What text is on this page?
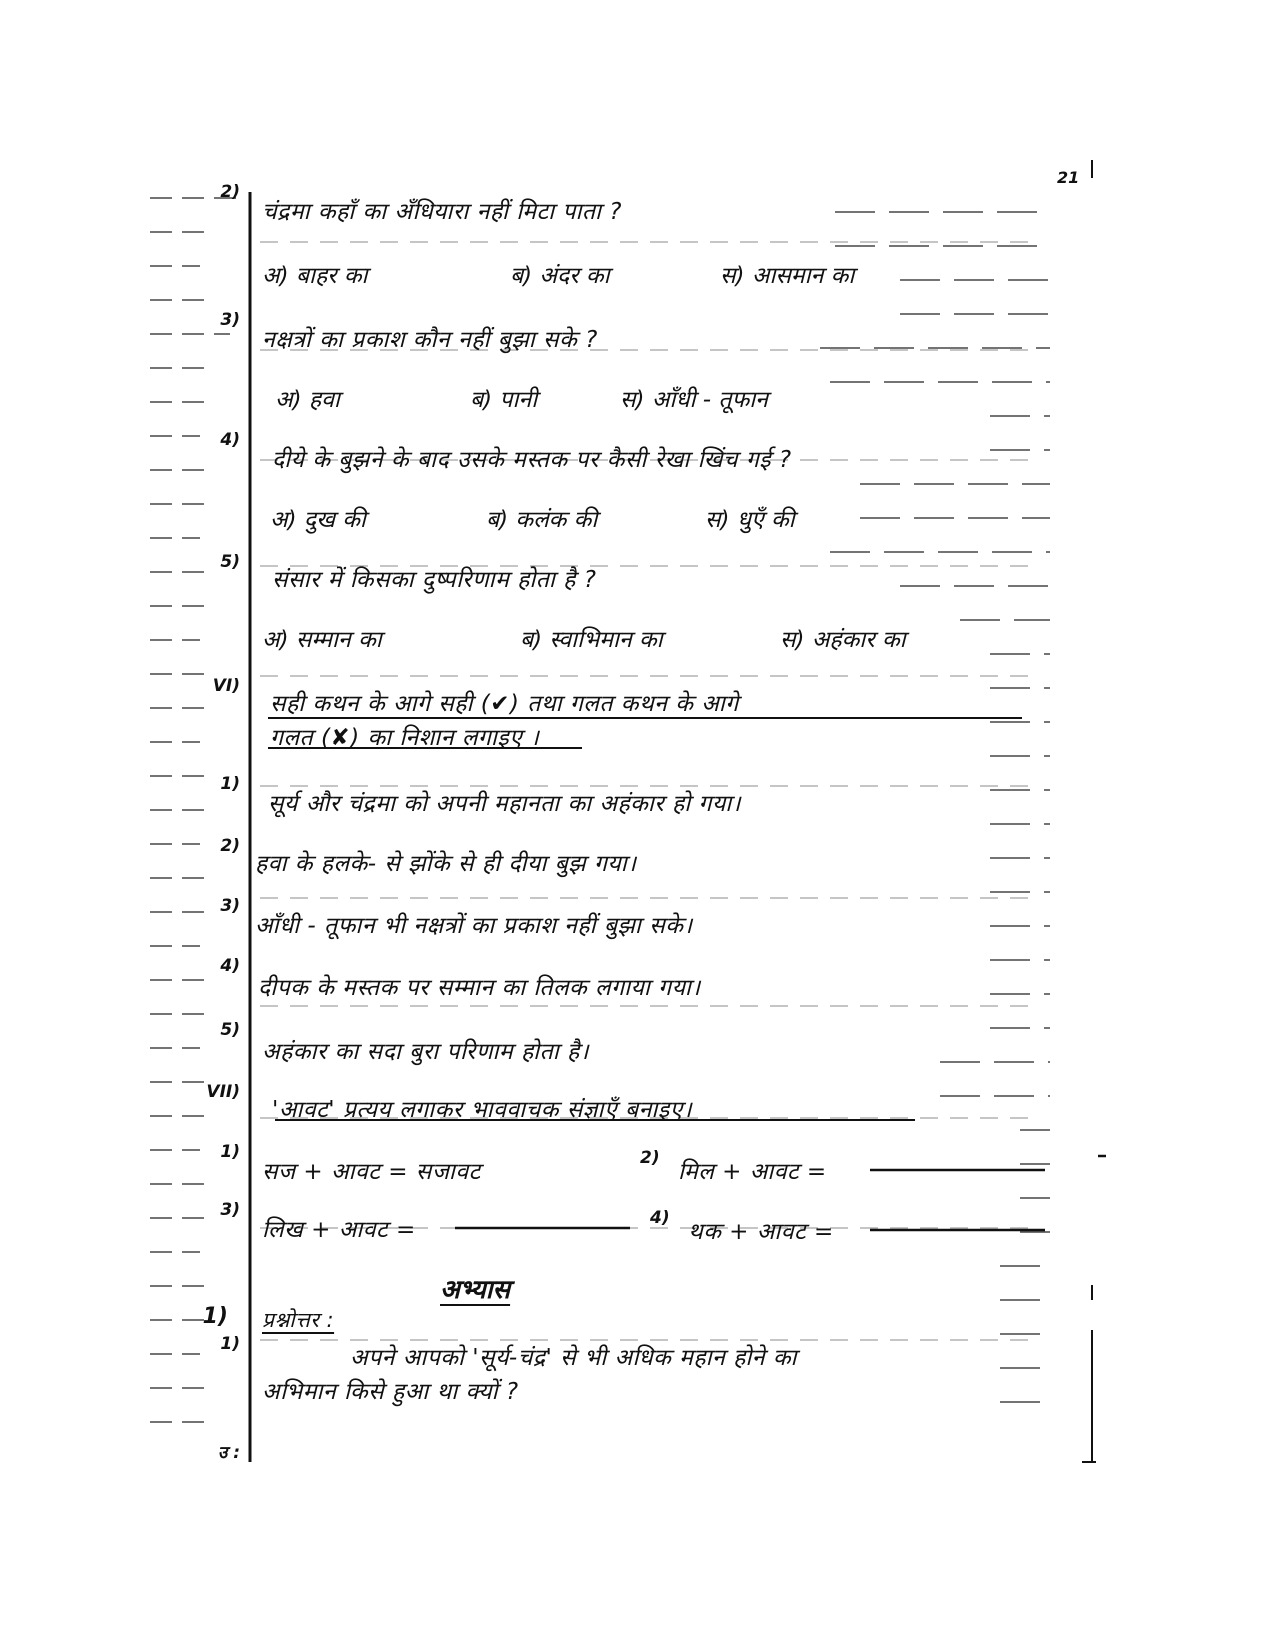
21
2)
चंद्रमा कहाँ का अँधियारा नहीं मिटा पाता ?
अ) बाहर का	ब) अंदर का	स) आसमान का
3)
नक्षत्रों का प्रकाश कौन नहीं बुझा सके ?
अ) हवा	ब) पानी	स) आँधी - तूफान
4)
दीये के बुझने के बाद उसके मस्तक पर कैसी रेखा खिंच गई ?
अ) दुख की	ब) कलंक की	स) धुएँ की
5)
संसार में किसका दुष्परिणाम होता है ?
अ) सम्मान का	ब) स्वाभिमान का	स) अहंकार का
VI)
सही कथन के आगे सही (✔) तथा गलत कथन के आगे
गलत (✘) का निशान लगाइए ।
1)
सूर्य और चंद्रमा को अपनी महानता का अहंकार हो गया।
2)
हवा के हलके- से झोंके से ही दीया बुझ गया।
3)
आँधी - तूफान भी नक्षत्रों का प्रकाश नहीं बुझा सके।
4)
दीपक के मस्तक पर सम्मान का तिलक लगाया गया।
5)
अहंकार का सदा बुरा परिणाम होता है।
VII)
'आवट' प्रत्यय लगाकर भाववाचक संज्ञाएँ बनाइए।
1)
सज + आवट = सजावट
2)
मिल + आवट =
3)
लिख + आवट =	4)
थक + आवट =
अभ्यास
1) प्रश्नोत्तर :
1)
अपने आपको 'सूर्य-चंद्र' से भी अधिक महान होने का
अभिमान किसे हुआ था क्यों ?
उ :
